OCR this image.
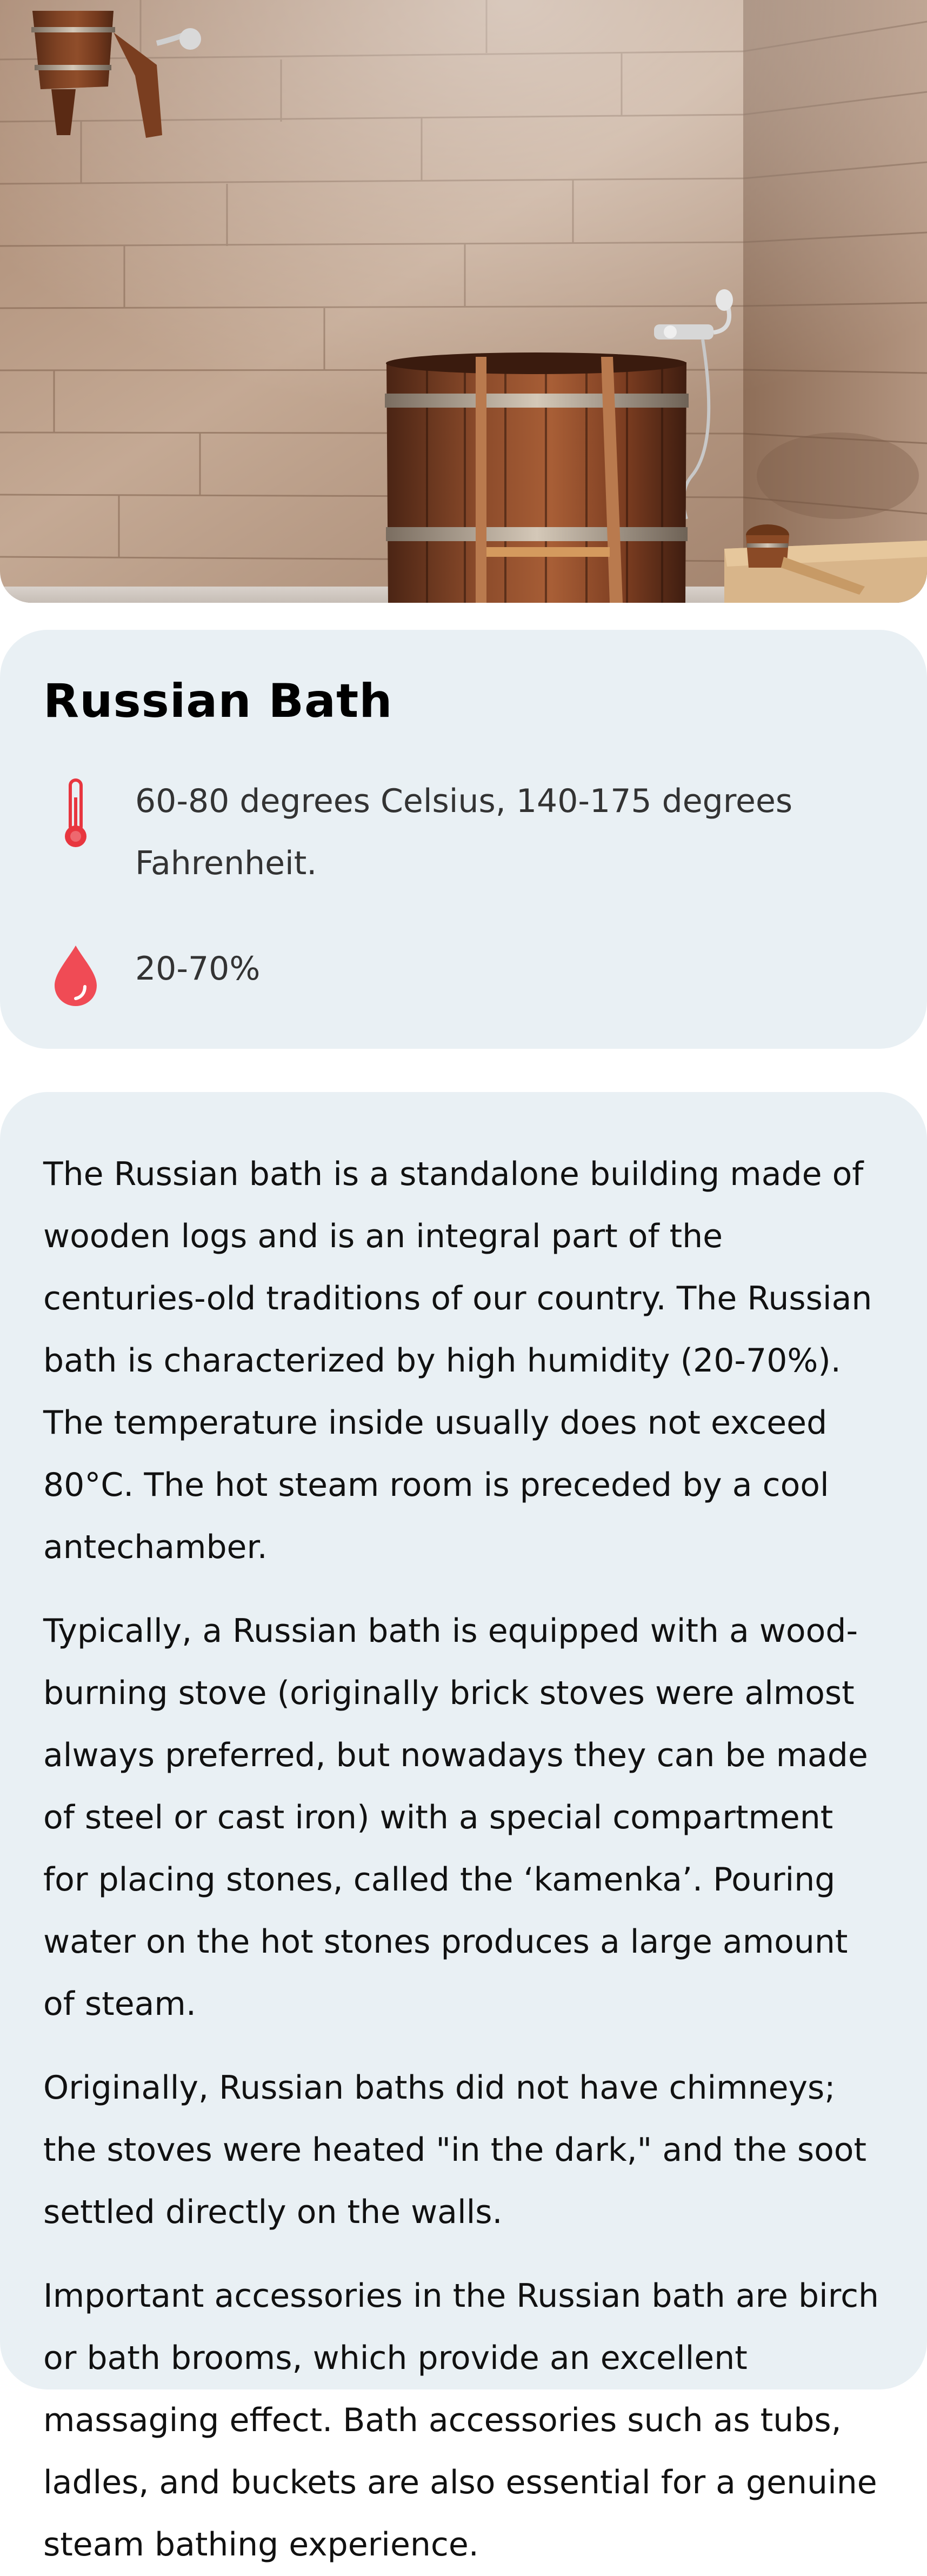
Russian Bath
60-80 degrees Celsius, 140-175 degrees Fahrenheit.
20-70%

The Russian bath is a standalone building made of wooden logs and is an integral part of the centuries-old traditions of our country. The Russian bath is characterized by high humidity (20-70%). The temperature inside usually does not exceed 80°C. The hot steam room is preceded by a cool antechamber.

Typically, a Russian bath is equipped with a wood-burning stove (originally brick stoves were almost always preferred, but nowadays they can be made of steel or cast iron) with a special compartment for placing stones, called the ‘kamenka’. Pouring water on the hot stones produces a large amount of steam.

Originally, Russian baths did not have chimneys; the stoves were heated "in the dark," and the soot settled directly on the walls.

Important accessories in the Russian bath are birch or bath brooms, which provide an excellent massaging effect. Bath accessories such as tubs, ladles, and buckets are also essential for a genuine steam bathing experience.
